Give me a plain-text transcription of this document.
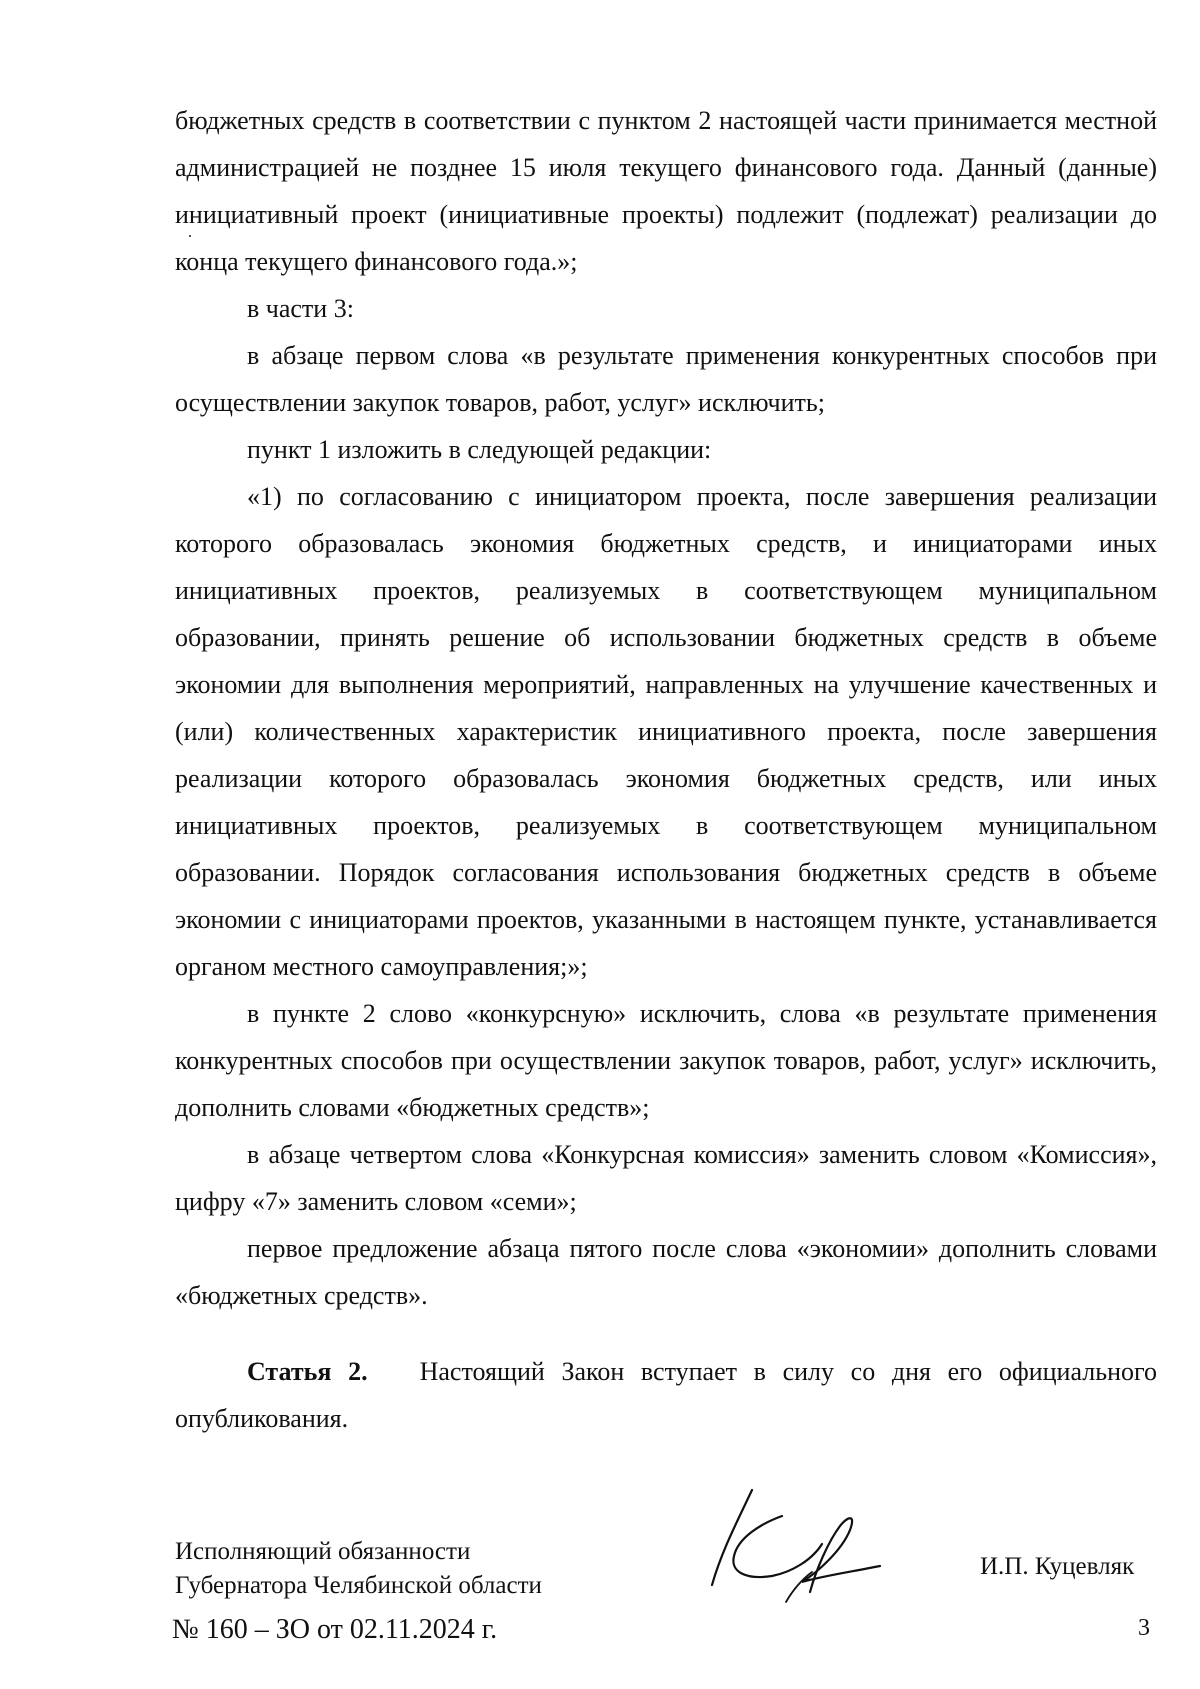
бюджетных средств в соответствии с пунктом 2 настоящей части принимается местной администрацией не позднее 15 июля текущего финансового года. Данный (данные) инициативный проект (инициативные проекты) подлежит (подлежат) реализации до конца текущего финансового года.»;

в части 3:

в абзаце первом слова «в результате применения конкурентных способов при осуществлении закупок товаров, работ, услуг» исключить;

пункт 1 изложить в следующей редакции:

«1) по согласованию с инициатором проекта, после завершения реализации которого образовалась экономия бюджетных средств, и инициаторами иных инициативных проектов, реализуемых в соответствующем муниципальном образовании, принять решение об использовании бюджетных средств в объеме экономии для выполнения мероприятий, направленных на улучшение качественных и (или) количественных характеристик инициативного проекта, после завершения реализации которого образовалась экономия бюджетных средств, или иных инициативных проектов, реализуемых в соответствующем муниципальном образовании. Порядок согласования использования бюджетных средств в объеме экономии с инициаторами проектов, указанными в настоящем пункте, устанавливается органом местного самоуправления;»;

в пункте 2 слово «конкурсную» исключить, слова «в результате применения конкурентных способов при осуществлении закупок товаров, работ, услуг» исключить, дополнить словами «бюджетных средств»;

в абзаце четвертом слова «Конкурсная комиссия» заменить словом «Комиссия», цифру «7» заменить словом «семи»;

первое предложение абзаца пятого после слова «экономии» дополнить словами «бюджетных средств».

Статья 2. Настоящий Закон вступает в силу со дня его официального опубликования.

Исполняющий обязанности
Губернатора Челябинской области
И.П. Куцевляк
№ 160 – ЗО от 02.11.2024 г.	3
